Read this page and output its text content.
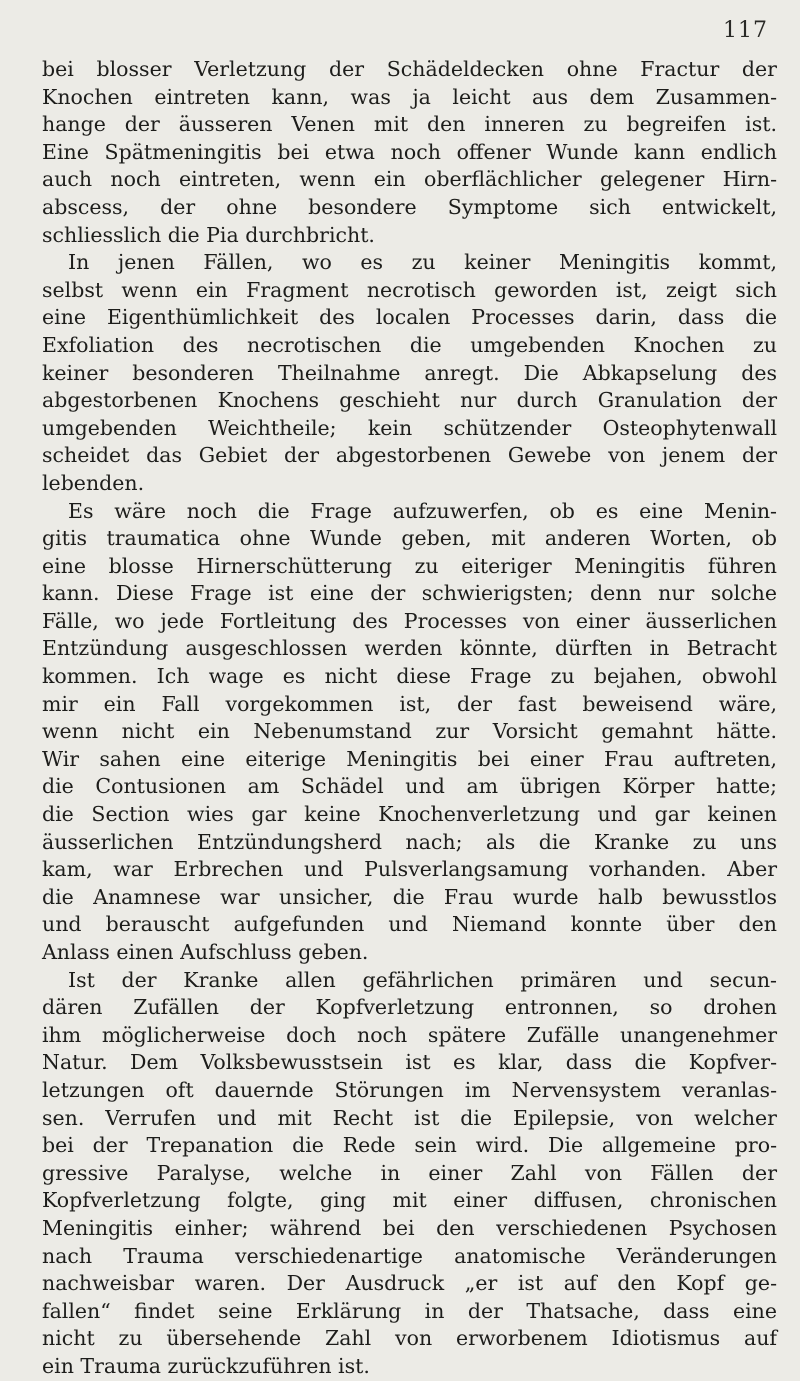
117
bei blosser Verletzung der Schädeldecken ohne Fractur der
Knochen eintreten kann, was ja leicht aus dem Zusammen-
hange der äusseren Venen mit den inneren zu begreifen ist.
Eine Spätmeningitis bei etwa noch offener Wunde kann endlich
auch noch eintreten, wenn ein oberflächlicher gelegener Hirn-
abscess, der ohne besondere Symptome sich entwickelt,
schliesslich die Pia durchbricht.
In jenen Fällen, wo es zu keiner Meningitis kommt,
selbst wenn ein Fragment necrotisch geworden ist, zeigt sich
eine Eigenthümlichkeit des localen Processes darin, dass die
Exfoliation des necrotischen die umgebenden Knochen zu
keiner besonderen Theilnahme anregt. Die Abkapselung des
abgestorbenen Knochens geschieht nur durch Granulation der
umgebenden Weichtheile; kein schützender Osteophytenwall
scheidet das Gebiet der abgestorbenen Gewebe von jenem der
lebenden.
Es wäre noch die Frage aufzuwerfen, ob es eine Menin-
gitis traumatica ohne Wunde geben, mit anderen Worten, ob
eine blosse Hirnerschütterung zu eiteriger Meningitis führen
kann. Diese Frage ist eine der schwierigsten; denn nur solche
Fälle, wo jede Fortleitung des Processes von einer äusserlichen
Entzündung ausgeschlossen werden könnte, dürften in Betracht
kommen. Ich wage es nicht diese Frage zu bejahen, obwohl
mir ein Fall vorgekommen ist, der fast beweisend wäre,
wenn nicht ein Nebenumstand zur Vorsicht gemahnt hätte.
Wir sahen eine eiterige Meningitis bei einer Frau auftreten,
die Contusionen am Schädel und am übrigen Körper hatte;
die Section wies gar keine Knochenverletzung und gar keinen
äusserlichen Entzündungsherd nach; als die Kranke zu uns
kam, war Erbrechen und Pulsverlangsamung vorhanden. Aber
die Anamnese war unsicher, die Frau wurde halb bewusstlos
und berauscht aufgefunden und Niemand konnte über den
Anlass einen Aufschluss geben.
Ist der Kranke allen gefährlichen primären und secun-
dären Zufällen der Kopfverletzung entronnen, so drohen
ihm möglicherweise doch noch spätere Zufälle unangenehmer
Natur. Dem Volksbewusstsein ist es klar, dass die Kopfver-
letzungen oft dauernde Störungen im Nervensystem veranlas-
sen. Verrufen und mit Recht ist die Epilepsie, von welcher
bei der Trepanation die Rede sein wird. Die allgemeine pro-
gressive Paralyse, welche in einer Zahl von Fällen der
Kopfverletzung folgte, ging mit einer diffusen, chronischen
Meningitis einher; während bei den verschiedenen Psychosen
nach Trauma verschiedenartige anatomische Veränderungen
nachweisbar waren. Der Ausdruck „er ist auf den Kopf ge-
fallen“ findet seine Erklärung in der Thatsache, dass eine
nicht zu übersehende Zahl von erworbenem Idiotismus auf
ein Trauma zurückzuführen ist.
